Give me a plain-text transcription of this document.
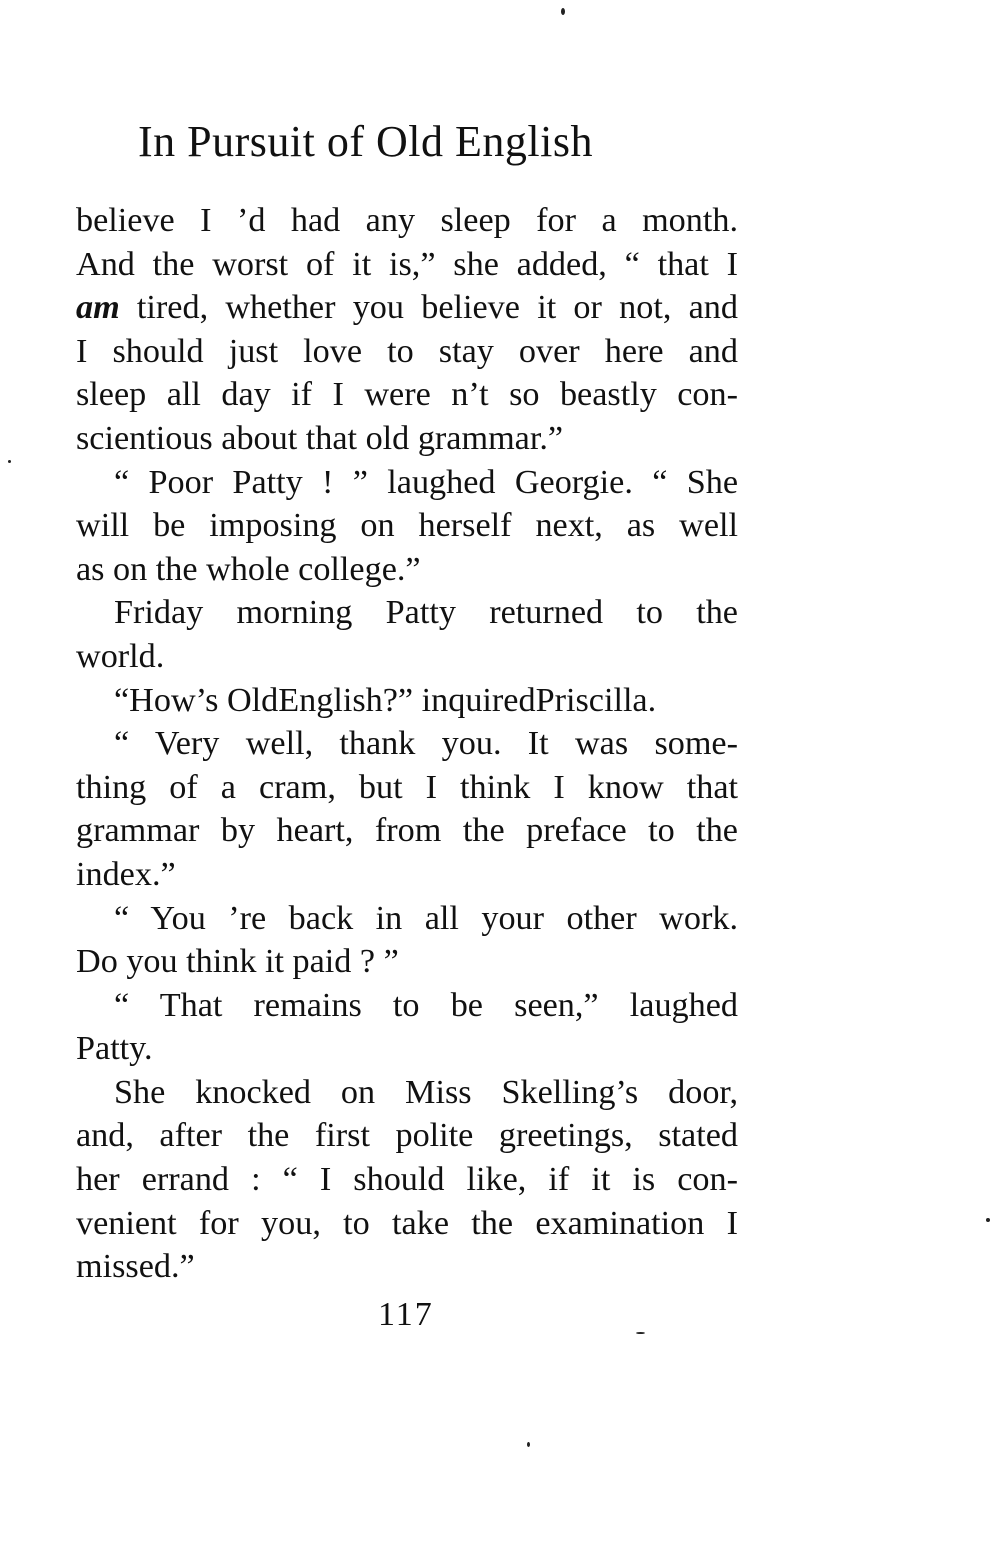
In Pursuit of Old English
believe I ’d had any sleep for a month.
And the worst of it is,” she added, “ that I
am tired, whether you believe it or not, and
I should just love to stay over here and
sleep all day if I were n’t so beastly con-
scientious about that old grammar.”
“ Poor Patty ! ” laughed Georgie. “ She
will be imposing on herself next, as well
as on the whole college.”
Friday morning Patty returned to the
world.
“How’s OldEnglish?” inquiredPriscilla.
“ Very well, thank you. It was some-
thing of a cram, but I think I know that
grammar by heart, from the preface to the
index.”
“ You ’re back in all your other work.
Do you think it paid ? ”
“ That remains to be seen,” laughed
Patty.
She knocked on Miss Skelling’s door,
and, after the first polite greetings, stated
her errand : “ I should like, if it is con-
venient for you, to take the examination I
missed.”
117
